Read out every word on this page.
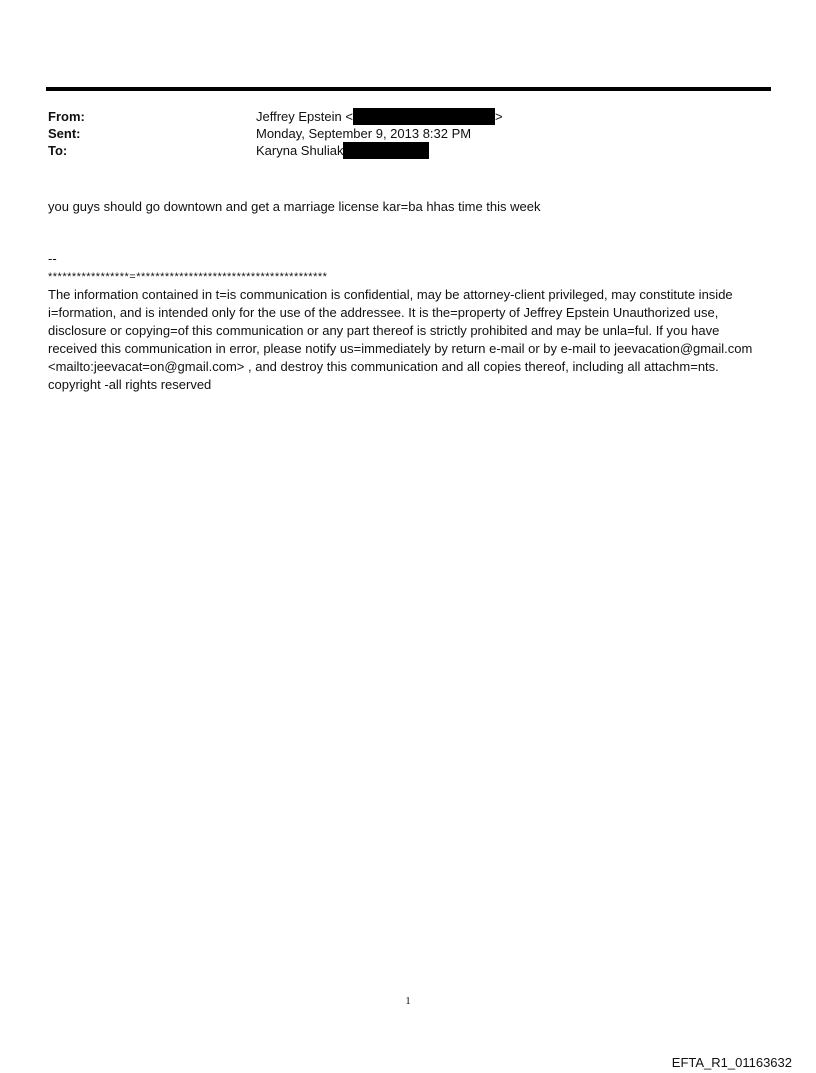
From:	Jeffrey Epstein <	>
Sent:	Monday, September 9, 2013 8:32 PM
To:	Karyna Shuliak
you guys should go downtown and get a marriage license kar=ba hhas time this week

--

*****************=****************************************

The information contained in t=is communication is confidential, may be attorney-client privileged, may constitute inside i=formation, and is intended only for the use of the addressee. It is the=property of Jeffrey Epstein Unauthorized use, disclosure or copying=of this communication or any part thereof is strictly prohibited and may be unla=ful. If you have received this communication in error, please notify us=immediately by return e-mail or by e-mail to jeevacation@gmail.com <mailto:jeevacat=on@gmail.com> , and destroy this communication and all copies thereof, including all attachm=nts. copyright -all rights reserved

1
EFTA_R1_01163632
